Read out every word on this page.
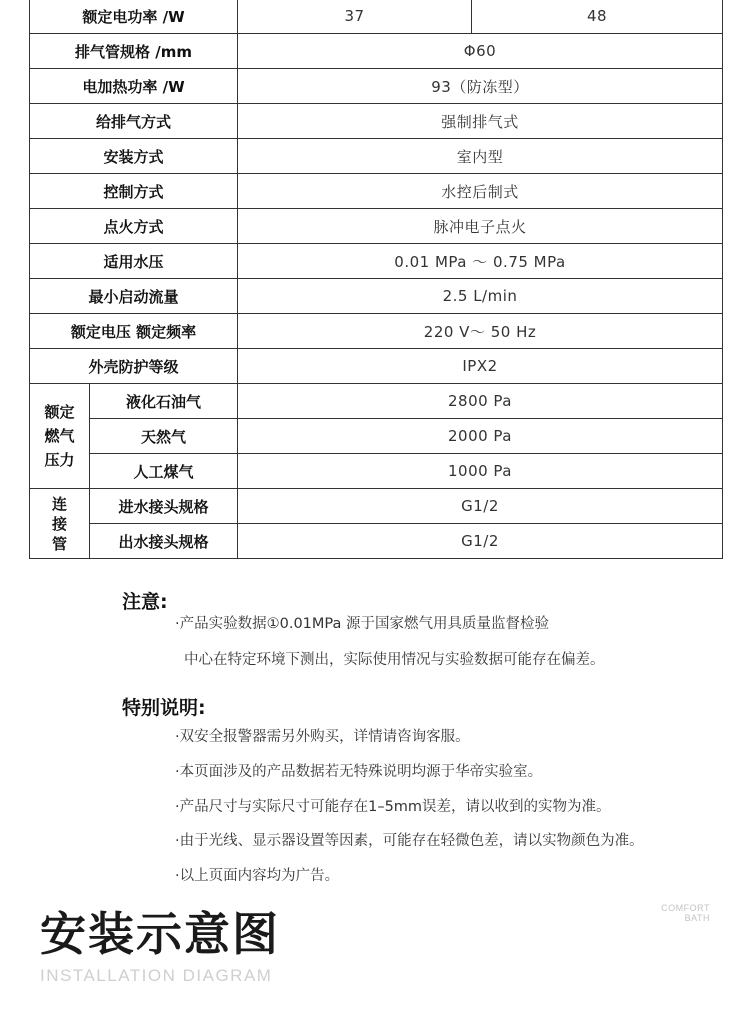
额定电功率 /W		37	48
排气管规格 /mm		Φ60	
电加热功率 /W		93（防冻型）	
给排气方式		强制排气式	
安装方式		室内型	
控制方式		水控后制式	
点火方式		脉冲电子点火	
适用水压		0.01 MPa ～ 0.75 MPa	
最小启动流量		2.5 L/min	
额定电压 额定频率		220 V～ 50 Hz	
外壳防护等级		IPX2	

额定
燃气
压力	液化石油气	2800 Pa	
	天然气	2000 Pa	
	人工煤气	1000 Pa	

连
接
管	进水接头规格	G1/2	
	出水接头规格	G1/2	
注意:
·产品实验数据①0.01MPa 源于国家燃气用具质量监督检验
中心在特定环境下测出，实际使用情况与实验数据可能存在偏差。
特别说明:
·双安全报警器需另外购买，详情请咨询客服。
·本页面涉及的产品数据若无特殊说明均源于华帝实验室。
·产品尺寸与实际尺寸可能存在1–5mm误差，请以收到的实物为准。
·由于光线、显示器设置等因素，可能存在轻微色差，请以实物颜色为准。
·以上页面内容均为广告。
安装示意图
INSTALLATION DIAGRAM
COMFORT
BATH
